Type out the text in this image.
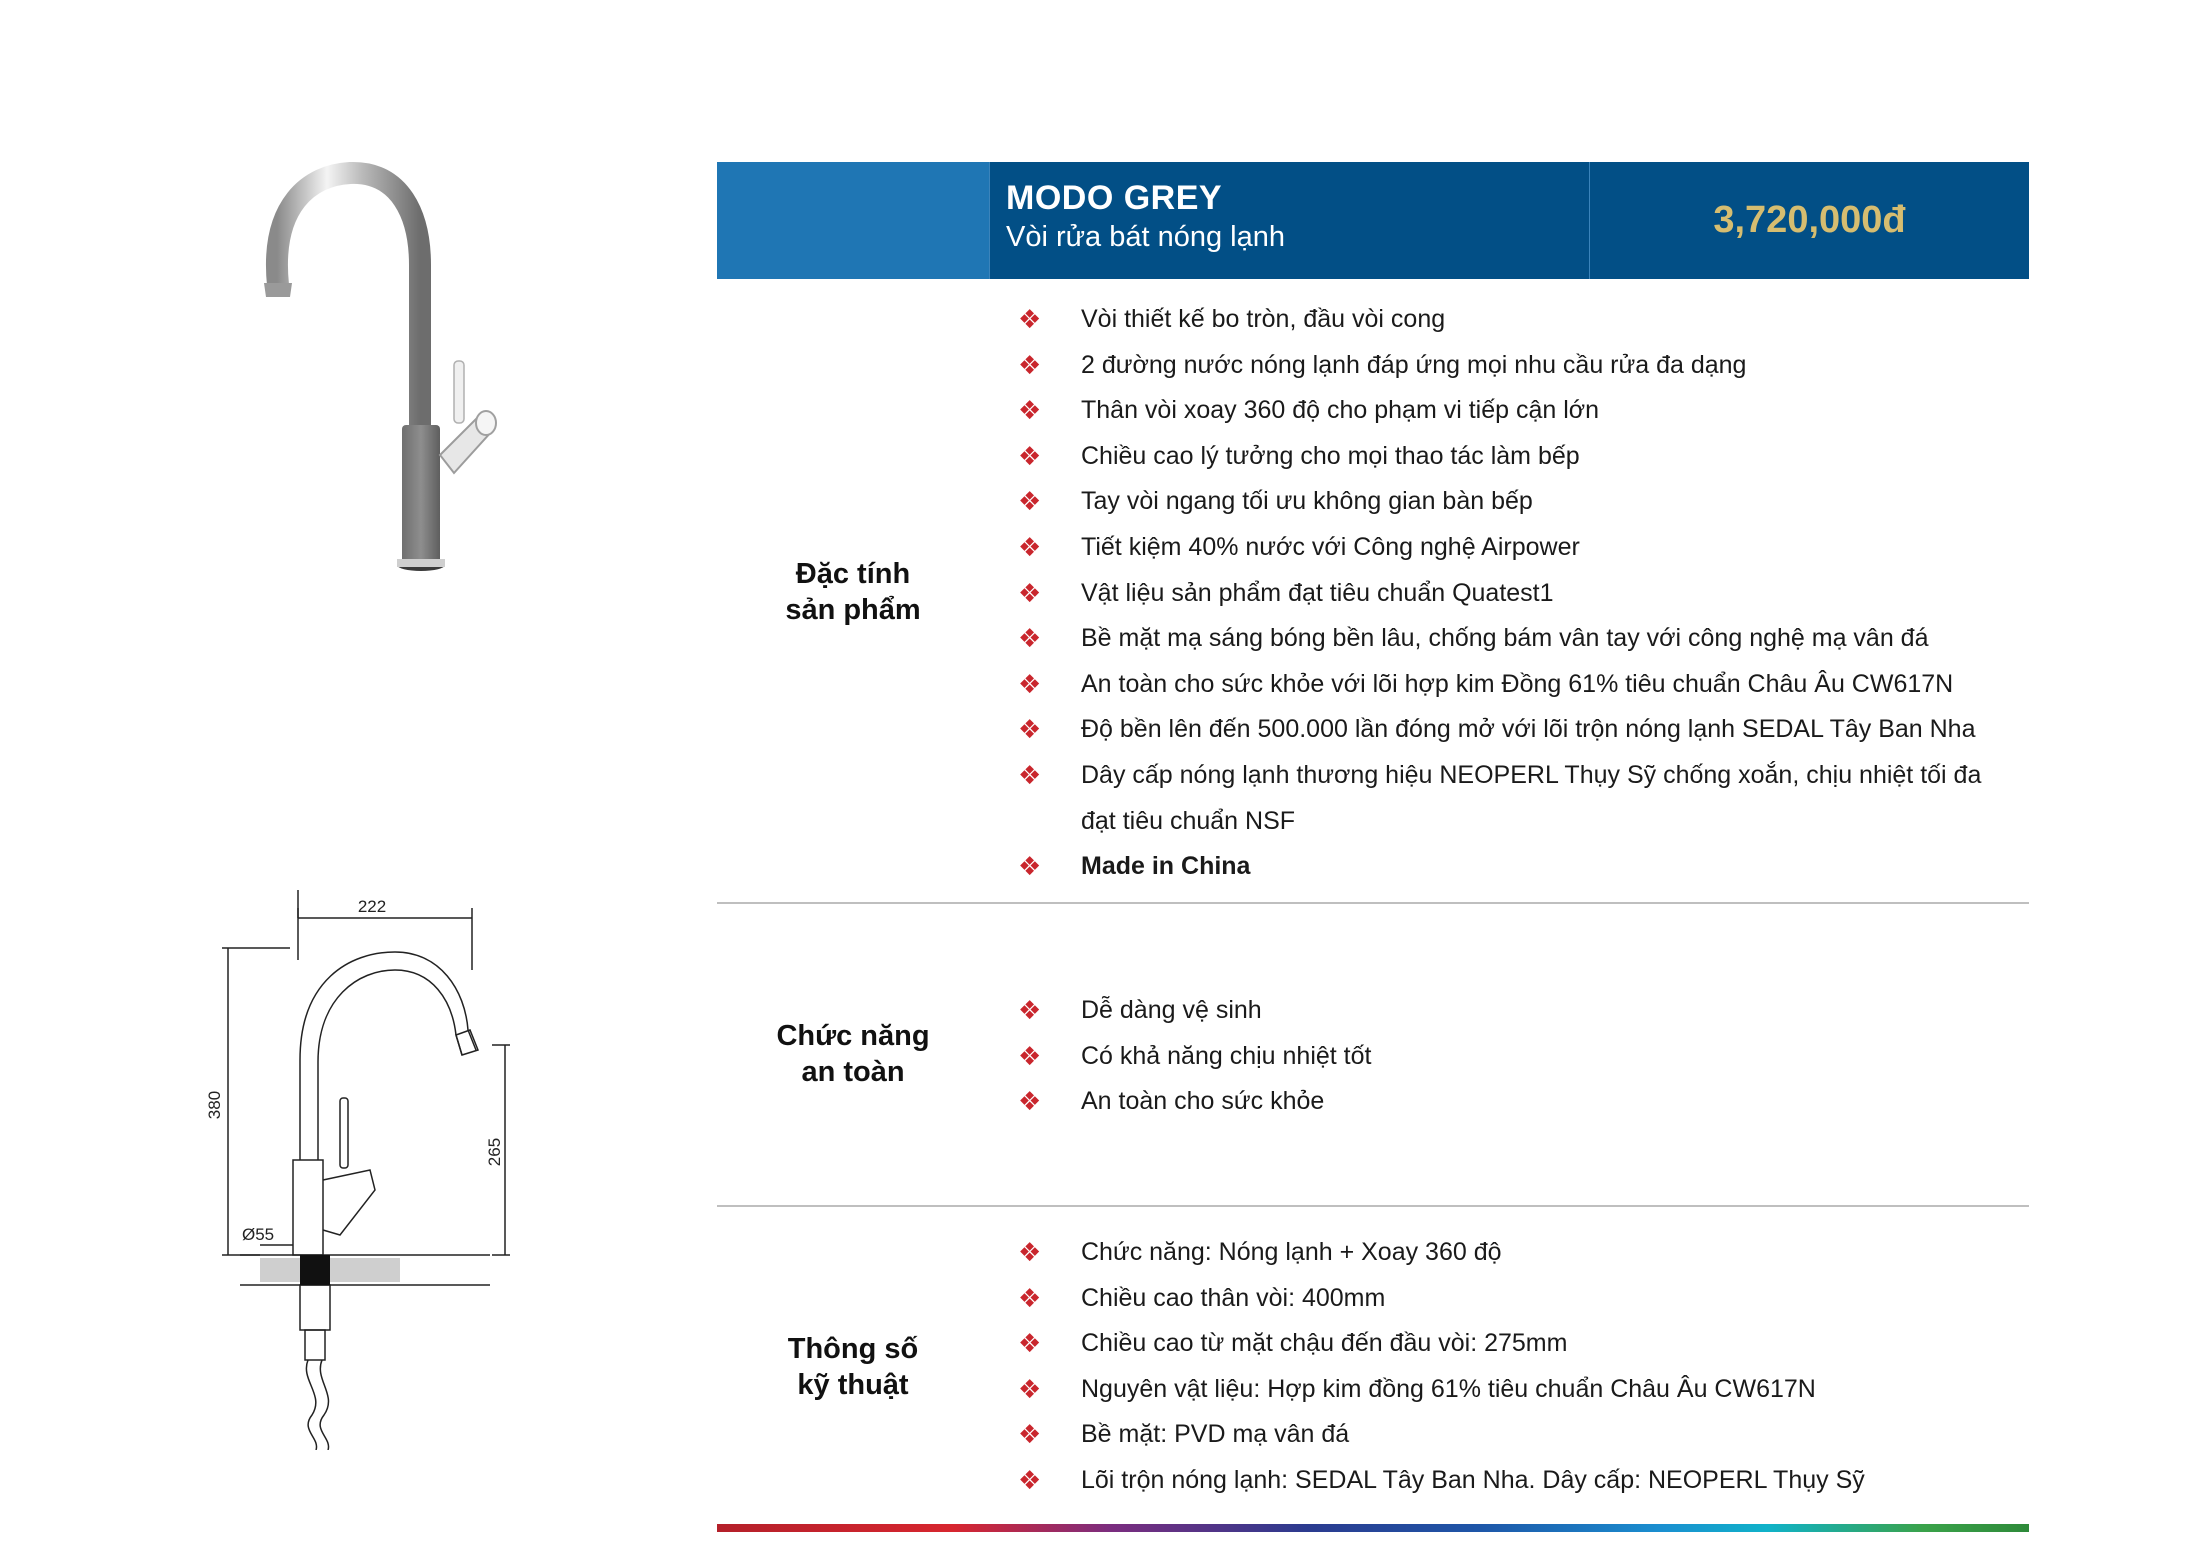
222
380
265
Ø55
MODO GREY
Vòi rửa bát nóng lạnh	3,720,000đ
Đặc tính
sản phẩm
❖ Vòi thiết kế bo tròn, đầu vòi cong
❖ 2 đường nước nóng lạnh đáp ứng mọi nhu cầu rửa đa dạng
❖ Thân vòi xoay 360 độ cho phạm vi tiếp cận lớn
❖ Chiều cao lý tưởng cho mọi thao tác làm bếp
❖ Tay vòi ngang tối ưu không gian bàn bếp
❖ Tiết kiệm 40% nước với Công nghệ Airpower
❖ Vật liệu sản phẩm đạt tiêu chuẩn Quatest1
❖ Bề mặt mạ sáng bóng bền lâu, chống bám vân tay với công nghệ mạ vân đá
❖ An toàn cho sức khỏe với lõi hợp kim Đồng 61% tiêu chuẩn Châu Âu CW617N
❖ Độ bền lên đến 500.000 lần đóng mở với lõi trộn nóng lạnh SEDAL Tây Ban Nha
❖ Dây cấp nóng lạnh thương hiệu NEOPERL Thụy Sỹ chống xoắn, chịu nhiệt tối đa
đạt tiêu chuẩn NSF
❖ Made in China
Chức năng
an toàn
❖ Dễ dàng vệ sinh
❖ Có khả năng chịu nhiệt tốt
❖ An toàn cho sức khỏe
Thông số
kỹ thuật
❖ Chức năng: Nóng lạnh + Xoay 360 độ
❖ Chiều cao thân vòi: 400mm
❖ Chiều cao từ mặt chậu đến đầu vòi: 275mm
❖ Nguyên vật liệu: Hợp kim đồng 61% tiêu chuẩn Châu Âu CW617N
❖ Bề mặt: PVD mạ vân đá
❖ Lõi trộn nóng lạnh: SEDAL Tây Ban Nha. Dây cấp: NEOPERL Thụy Sỹ
